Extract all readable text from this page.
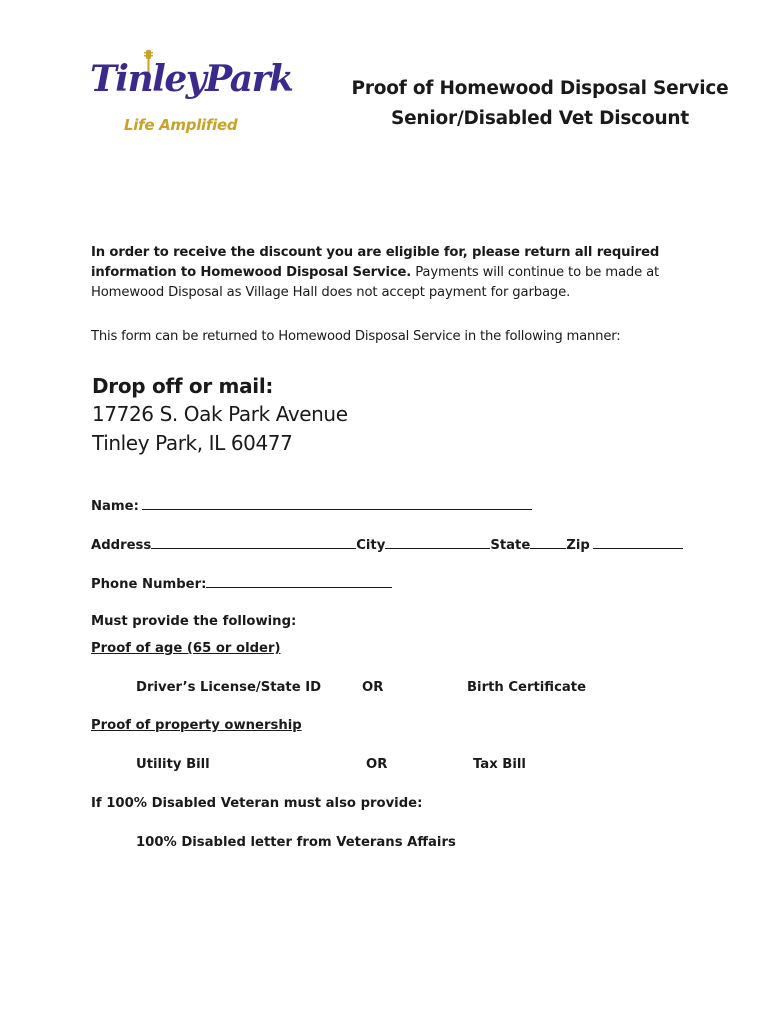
TinleyPark
Life Amplified
Proof of Homewood Disposal Service
Senior/Disabled Vet Discount

In order to receive the discount you are eligible for, please return all required information to Homewood Disposal Service. Payments will continue to be made at Homewood Disposal as Village Hall does not accept payment for garbage.

This form can be returned to Homewood Disposal Service in the following manner:

Drop off or mail:
17726 S. Oak Park Avenue
Tinley Park, IL 60477
Name:
Address	City	State	Zip
Phone Number:
Must provide the following:
Proof of age (65 or older)
Driver’s License/State ID	OR	Birth Certificate
Proof of property ownership
Utility Bill	OR	Tax Bill
If 100% Disabled Veteran must also provide:
100% Disabled letter from Veterans Affairs
